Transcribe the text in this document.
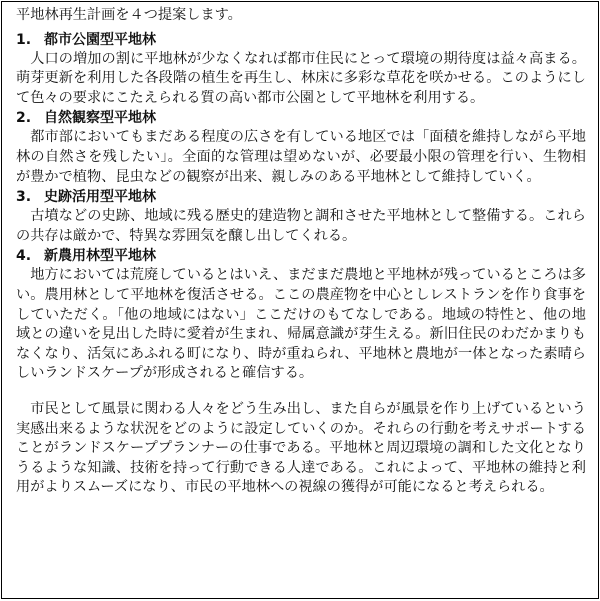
平地林再生計画を４つ提案します。

1. 都市公園型平地林

人口の増加の割に平地林が少なくなれば都市住民にとって環境の期待度は益々高まる。萌芽更新を利用した各段階の植生を再生し、林床に多彩な草花を咲かせる。このようにして色々の要求にこたえられる質の高い都市公園として平地林を利用する。

2. 自然観察型平地林

都市部においてもまだある程度の広さを有している地区では「面積を維持しながら平地林の自然さを残したい」。全面的な管理は望めないが、必要最小限の管理を行い、生物相が豊かで植物、昆虫などの観察が出来、親しみのある平地林として維持していく。

3. 史跡活用型平地林

古墳などの史跡、地域に残る歴史的建造物と調和させた平地林として整備する。これらの共存は厳かで、特異な雰囲気を醸し出してくれる。

4. 新農用林型平地林

地方においては荒廃しているとはいえ、まだまだ農地と平地林が残っているところは多い。農用林として平地林を復活させる。ここの農産物を中心としレストランを作り食事をしていただく。「他の地域にはない」ここだけのもてなしである。地域の特性と、他の地域との違いを見出した時に愛着が生まれ、帰属意識が芽生える。新旧住民のわだかまりもなくなり、活気にあふれる町になり、時が重ねられ、平地林と農地が一体となった素晴らしいランドスケープが形成されると確信する。

市民として風景に関わる人々をどう生み出し、また自らが風景を作り上げているという実感出来るような状況をどのように設定していくのか。それらの行動を考えサポートすることがランドスケーププランナーの仕事である。平地林と周辺環境の調和した文化となりうるような知識、技術を持って行動できる人達である。これによって、平地林の維持と利用がよりスムーズになり、市民の平地林への視線の獲得が可能になると考えられる。
